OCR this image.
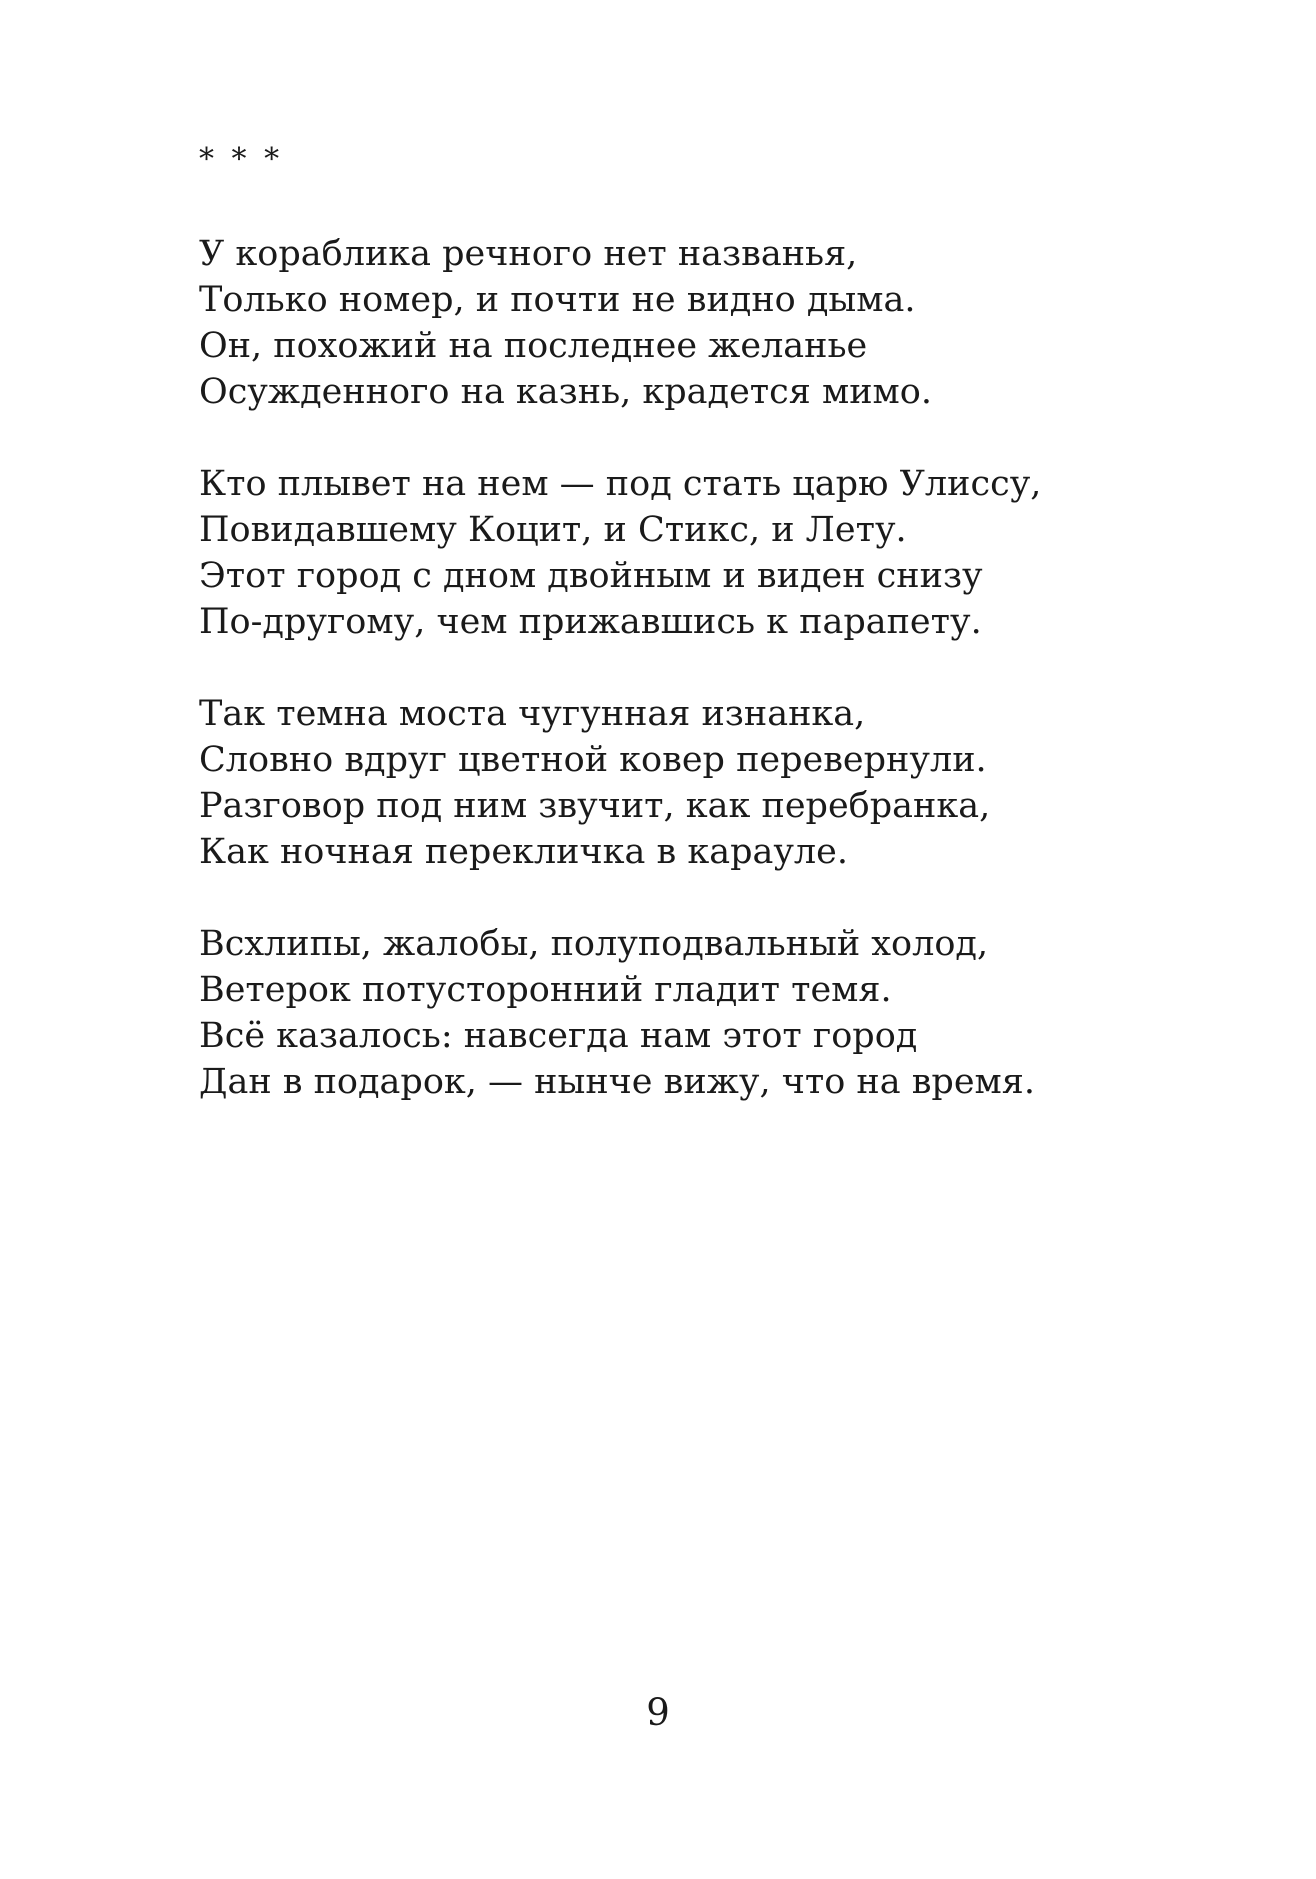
* * *
У кораблика речного нет названья,
Только номер, и почти не видно дыма.
Он, похожий на последнее желанье
Осужденного на казнь, крадется мимо.
Кто плывет на нем — под стать царю Улиссу,
Повидавшему Коцит, и Стикс, и Лету.
Этот город с дном двойным и виден снизу
По-другому, чем прижавшись к парапету.
Так темна моста чугунная изнанка,
Словно вдруг цветной ковер перевернули.
Разговор под ним звучит, как перебранка,
Как ночная перекличка в карауле.
Всхлипы, жалобы, полуподвальный холод,
Ветерок потусторонний гладит темя.
Всё казалось: навсегда нам этот город
Дан в подарок, — нынче вижу, что на время.
9
